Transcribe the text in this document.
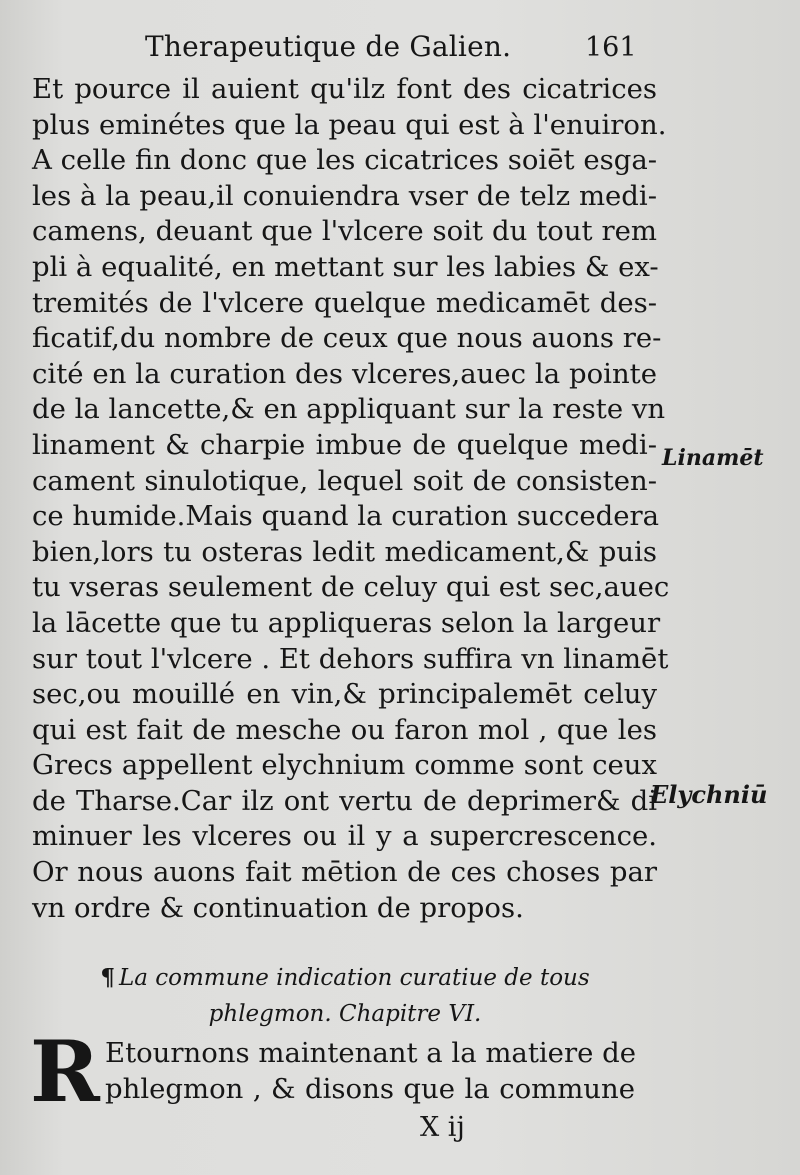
Therapeutique de Galien.	161
Et pource il auient qu'ilz font des cicatrices
plus eminétes que la peau qui est à l'enuiron.
A celle fin donc que les cicatrices soiēt esga-
les à la peau,il conuiendra vser de telz medi-
camens, deuant que l'vlcere soit du tout rem
pli à equalité, en mettant sur les labies & ex-
tremités de l'vlcere quelque medicamēt des-
ficatif,du nombre de ceux que nous auons re-
cité en la curation des vlceres,auec la pointe
de la lancette,& en appliquant sur la reste vn
linament & charpie imbue de quelque medi-
cament sinulotique, lequel soit de consisten-
ce humide.Mais quand la curation succedera
bien,lors tu osteras ledit medicament,& puis
tu vseras seulement de celuy qui est sec,auec
la lācette que tu appliqueras selon la largeur
sur tout l'vlcere . Et dehors suffira vn linamēt
sec,ou mouillé en vin,& principalemēt celuy
qui est fait de mesche ou faron mol , que les
Grecs appellent elychnium comme sont ceux
de Tharse.Car ilz ont vertu de deprimer& di
minuer les vlceres ou il y a supercrescence.
Or nous auons fait mētion de ces choses par
vn ordre & continuation de propos.
Linamēt
Elychniū
¶ La commune indication curatiue de tous
phlegmon. Chapitre VI.
R Etournons maintenant a la matiere de
phlegmon , & disons que la commune
X ij
